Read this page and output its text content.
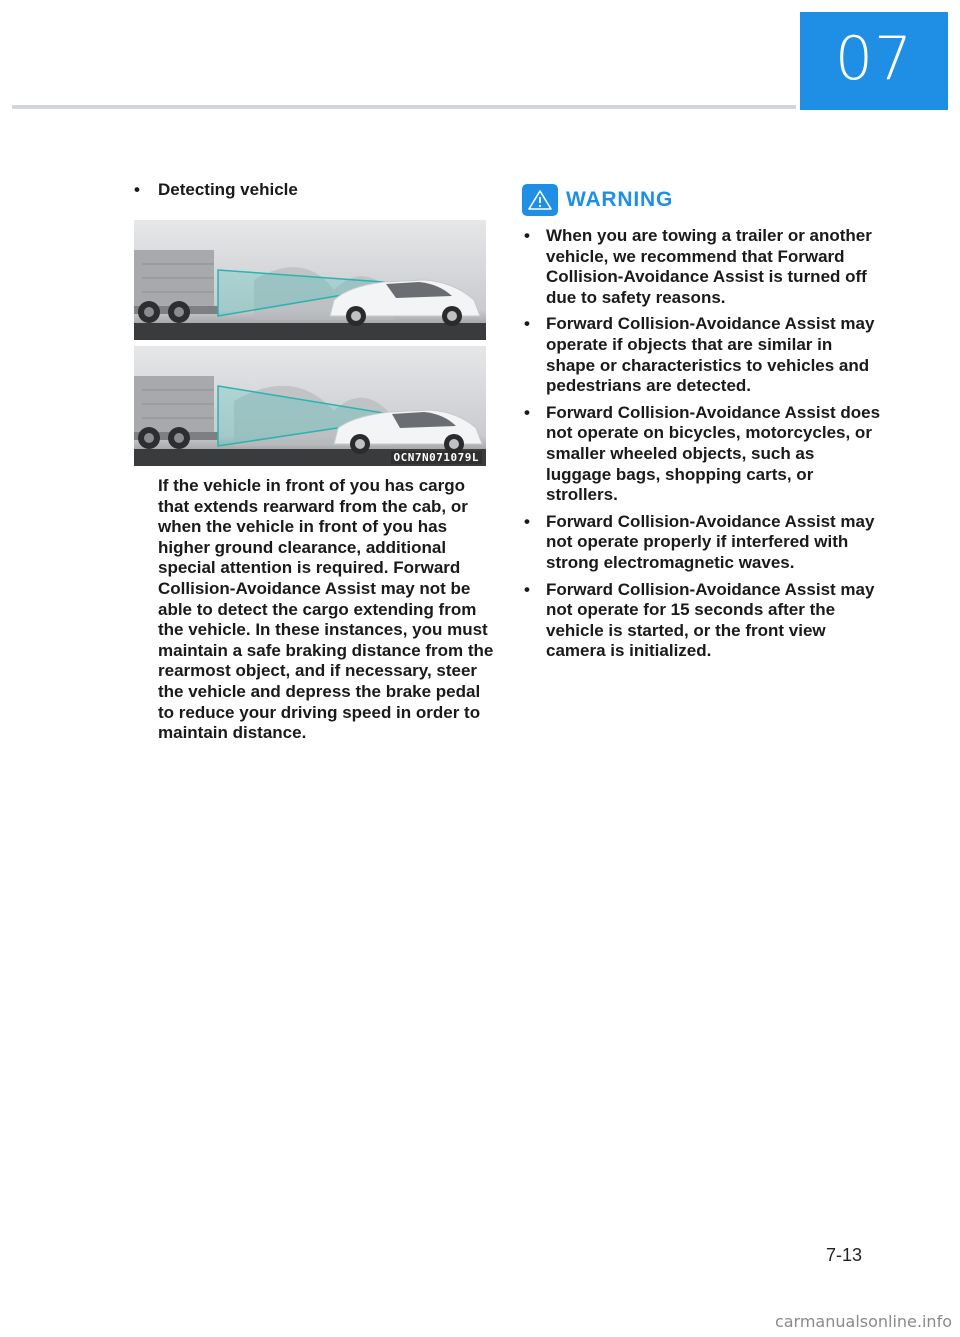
07
•	Detecting vehicle
OCN7N071079L

If the vehicle in front of you has cargo that extends rearward from the cab, or when the vehicle in front of you has higher ground clearance, additional special attention is required. Forward Collision-Avoidance Assist may not be able to detect the cargo extending from the vehicle. In these instances, you must maintain a safe braking distance from the rearmost object, and if necessary, steer the vehicle and depress the brake pedal to reduce your driving speed in order to maintain distance.

WARNING
• When you are towing a trailer or another vehicle, we recommend that Forward Collision-Avoidance Assist is turned off due to safety reasons.
• Forward Collision-Avoidance Assist may operate if objects that are similar in shape or characteristics to vehicles and pedestrians are detected.
• Forward Collision-Avoidance Assist does not operate on bicycles, motorcycles, or smaller wheeled objects, such as luggage bags, shopping carts, or strollers.
• Forward Collision-Avoidance Assist may not operate properly if interfered with strong electromagnetic waves.
• Forward Collision-Avoidance Assist may not operate for 15 seconds after the vehicle is started, or the front view camera is initialized.
7-13
carmanualsonline.info
